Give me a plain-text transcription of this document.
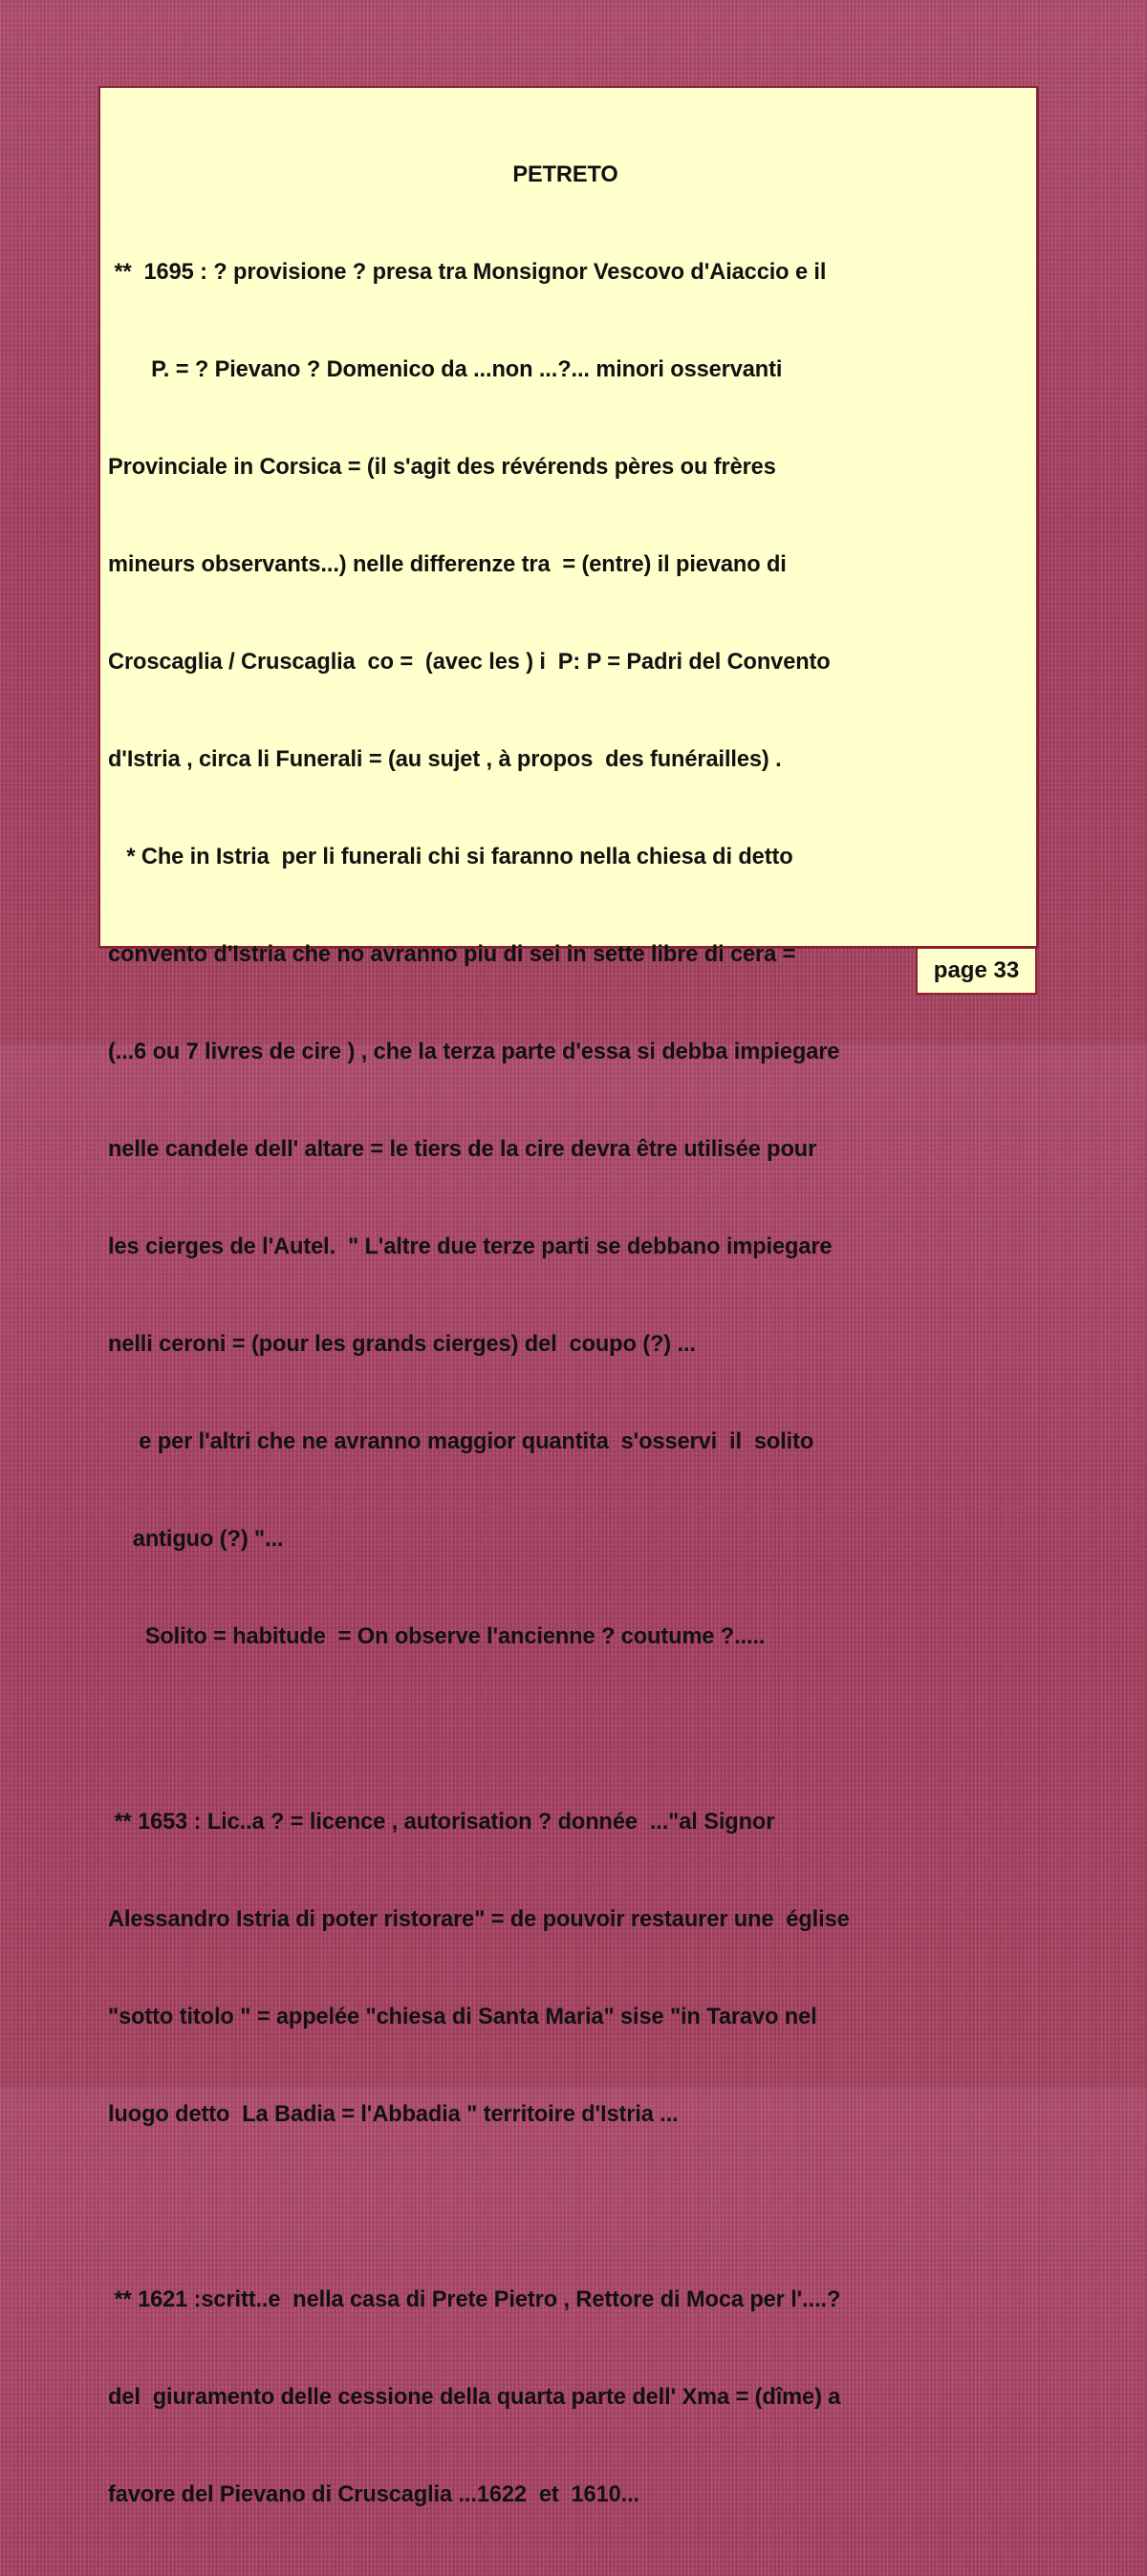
PETRETO

**  1695 : ? provisione ? presa tra Monsignor Vescovo d'Aiaccio e il

P. = ? Pievano ? Domenico da ...non ...?... minori osservanti

Provinciale in Corsica = (il s'agit des révérends pères ou frères

mineurs observants...) nelle differenze tra  = (entre) il pievano di

Croscaglia / Cruscaglia  co =  (avec les ) i  P: P = Padri del Convento

d'Istria , circa li Funerali = (au sujet , à propos  des funérailles) .

* Che in Istria  per li funerali chi si faranno nella chiesa di detto

convento d'Istria che no avranno piu di sei in sette libre di cera =

(...6 ou 7 livres de cire ) , che la terza parte d'essa si debba impiegare

nelle candele dell' altare = le tiers de la cire devra être utilisée pour

les cierges de l'Autel.  " L'altre due terze parti se debbano impiegare

nelli ceroni = (pour les grands cierges) del  coupo (?) ...

e per l'altri che ne avranno maggior quantita  s'osservi  il  solito

antiguo (?) "...

Solito = habitude  = On observe l'ancienne ? coutume ?.....

** 1653 : Lic..a ? = licence , autorisation ? donnée  ..."al Signor

Alessandro Istria di poter ristorare" = de pouvoir restaurer une  église

"sotto titolo " = appelée "chiesa di Santa Maria" sise "in Taravo nel

luogo detto  La Badia = l'Abbadia " territoire d'Istria ...

** 1621 :scritt..e  nella casa di Prete Pietro , Rettore di Moca per l'....?

del  giuramento delle cessione della quarta parte dell' Xma = (dîme) a

favore del Pievano di Cruscaglia ...1622  et  1610...

page 33
